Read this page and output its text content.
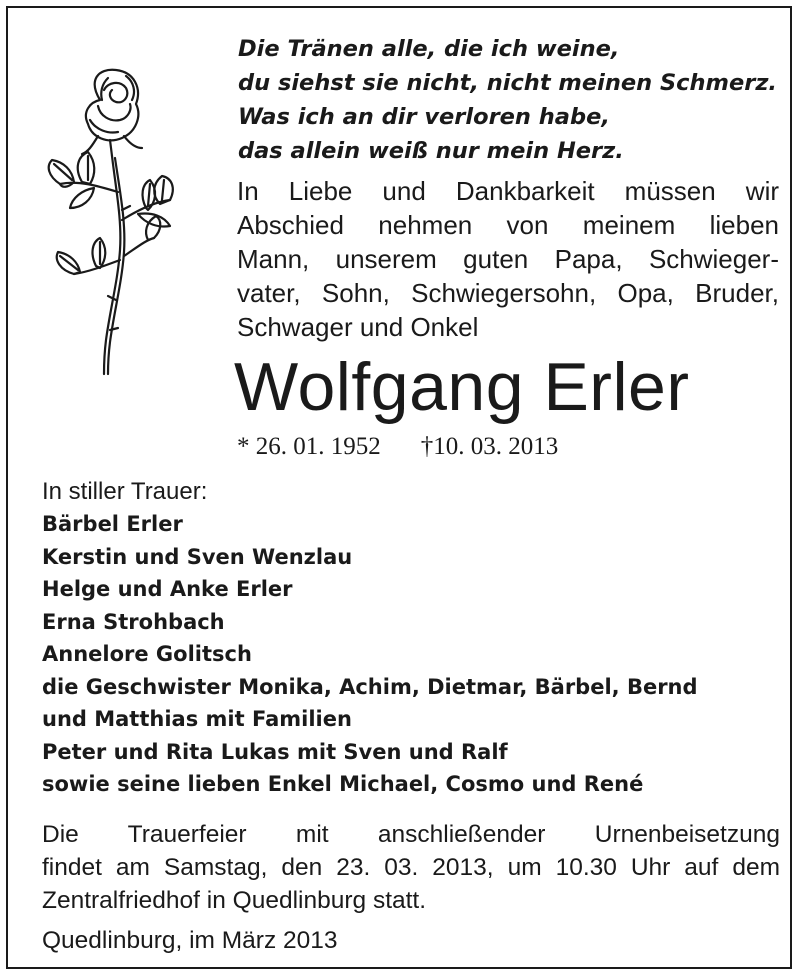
Die Tränen alle, die ich weine,
du siehst sie nicht, nicht meinen Schmerz.
Was ich an dir verloren habe,
das allein weiß nur mein Herz.

In Liebe und Dankbarkeit müssen wir
Abschied nehmen von meinem lieben
Mann, unserem guten Papa, Schwieger-
vater, Sohn, Schwiegersohn, Opa, Bruder,
Schwager und Onkel

Wolfgang Erler
* 26. 01. 1952 †10. 03. 2013
In stiller Trauer:
Bärbel Erler
Kerstin und Sven Wenzlau
Helge und Anke Erler
Erna Strohbach
Annelore Golitsch
die Geschwister Monika, Achim, Dietmar, Bärbel, Bernd
und Matthias mit Familien
Peter und Rita Lukas mit Sven und Ralf
sowie seine lieben Enkel Michael, Cosmo und René

Die Trauerfeier mit anschließender Urnenbeisetzung
findet am Samstag, den 23. 03. 2013, um 10.30 Uhr auf dem
Zentralfriedhof in Quedlinburg statt.

Quedlinburg, im März 2013
